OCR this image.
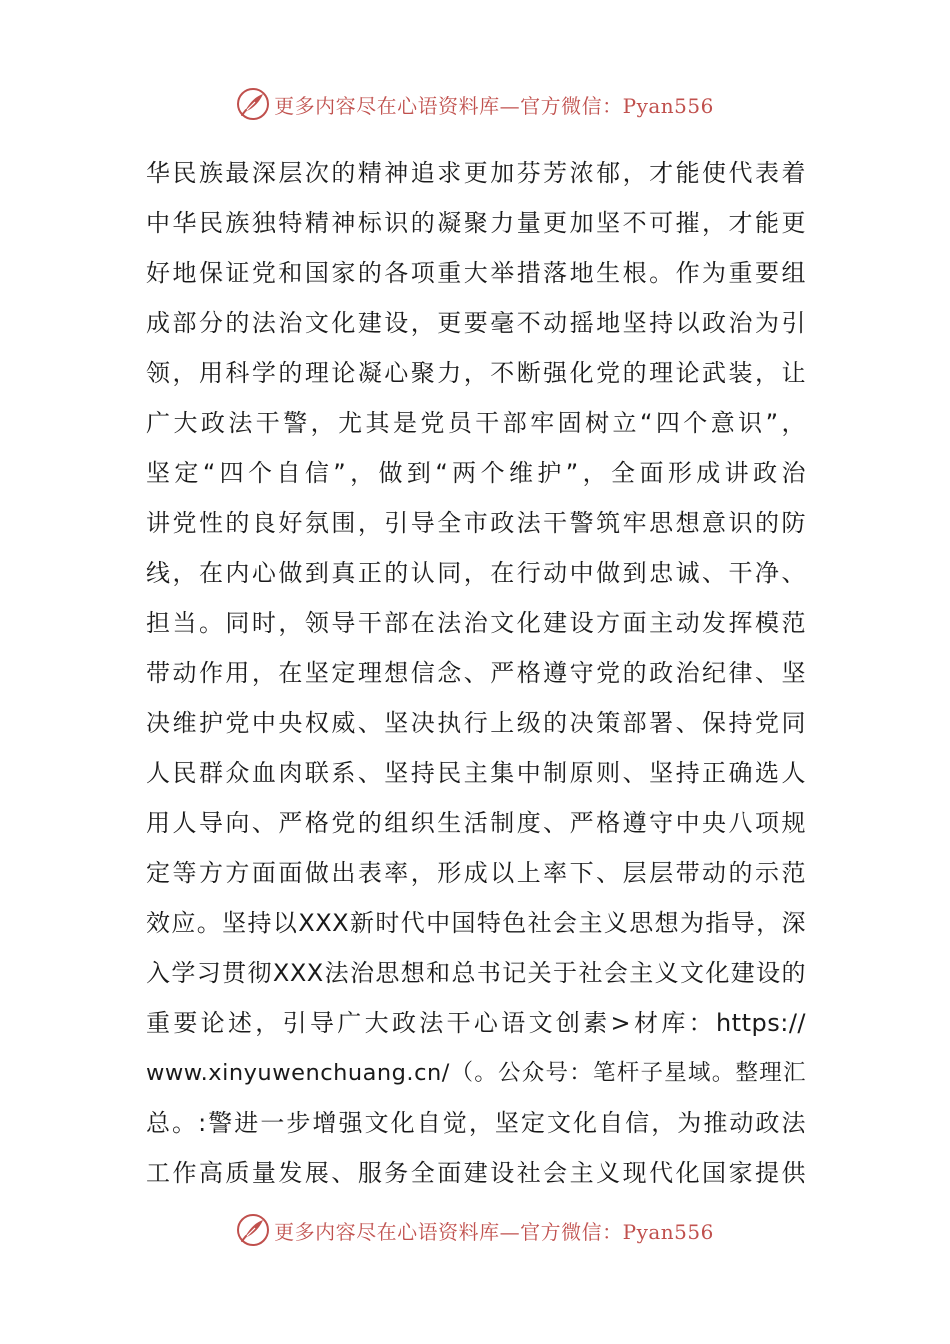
更多内容尽在心语资料库—官方微信：Pyan556
华民族最深层次的精神追求更加芬芳浓郁，才能使代表着
中华民族独特精神标识的凝聚力量更加坚不可摧，才能更
好地保证党和国家的各项重大举措落地生根。作为重要组
成部分的法治文化建设，更要毫不动摇地坚持以政治为引
领，用科学的理论凝心聚力，不断强化党的理论武装，让
广大政法干警，尤其是党员干部牢固树立“四个意识”，
坚定“四个自信”，做到“两个维护”，全面形成讲政治
讲党性的良好氛围，引导全市政法干警筑牢思想意识的防
线，在内心做到真正的认同，在行动中做到忠诚、干净、
担当。同时，领导干部在法治文化建设方面主动发挥模范
带动作用，在坚定理想信念、严格遵守党的政治纪律、坚
决维护党中央权威、坚决执行上级的决策部署、保持党同
人民群众血肉联系、坚持民主集中制原则、坚持正确选人
用人导向、严格党的组织生活制度、严格遵守中央八项规
定等方方面面做出表率，形成以上率下、层层带动的示范
效应。坚持以XXX新时代中国特色社会主义思想为指导，深
入学习贯彻XXX法治思想和总书记关于社会主义文化建设的
重要论述，引导广大政法干心语文创素>材库：https://
www.xinyuwenchuang.cn/（。公众号：笔杆子星域。整理汇
总。:警进一步增强文化自觉，坚定文化自信，为推动政法
工作高质量发展、服务全面建设社会主义现代化国家提供
更多内容尽在心语资料库—官方微信：Pyan556
